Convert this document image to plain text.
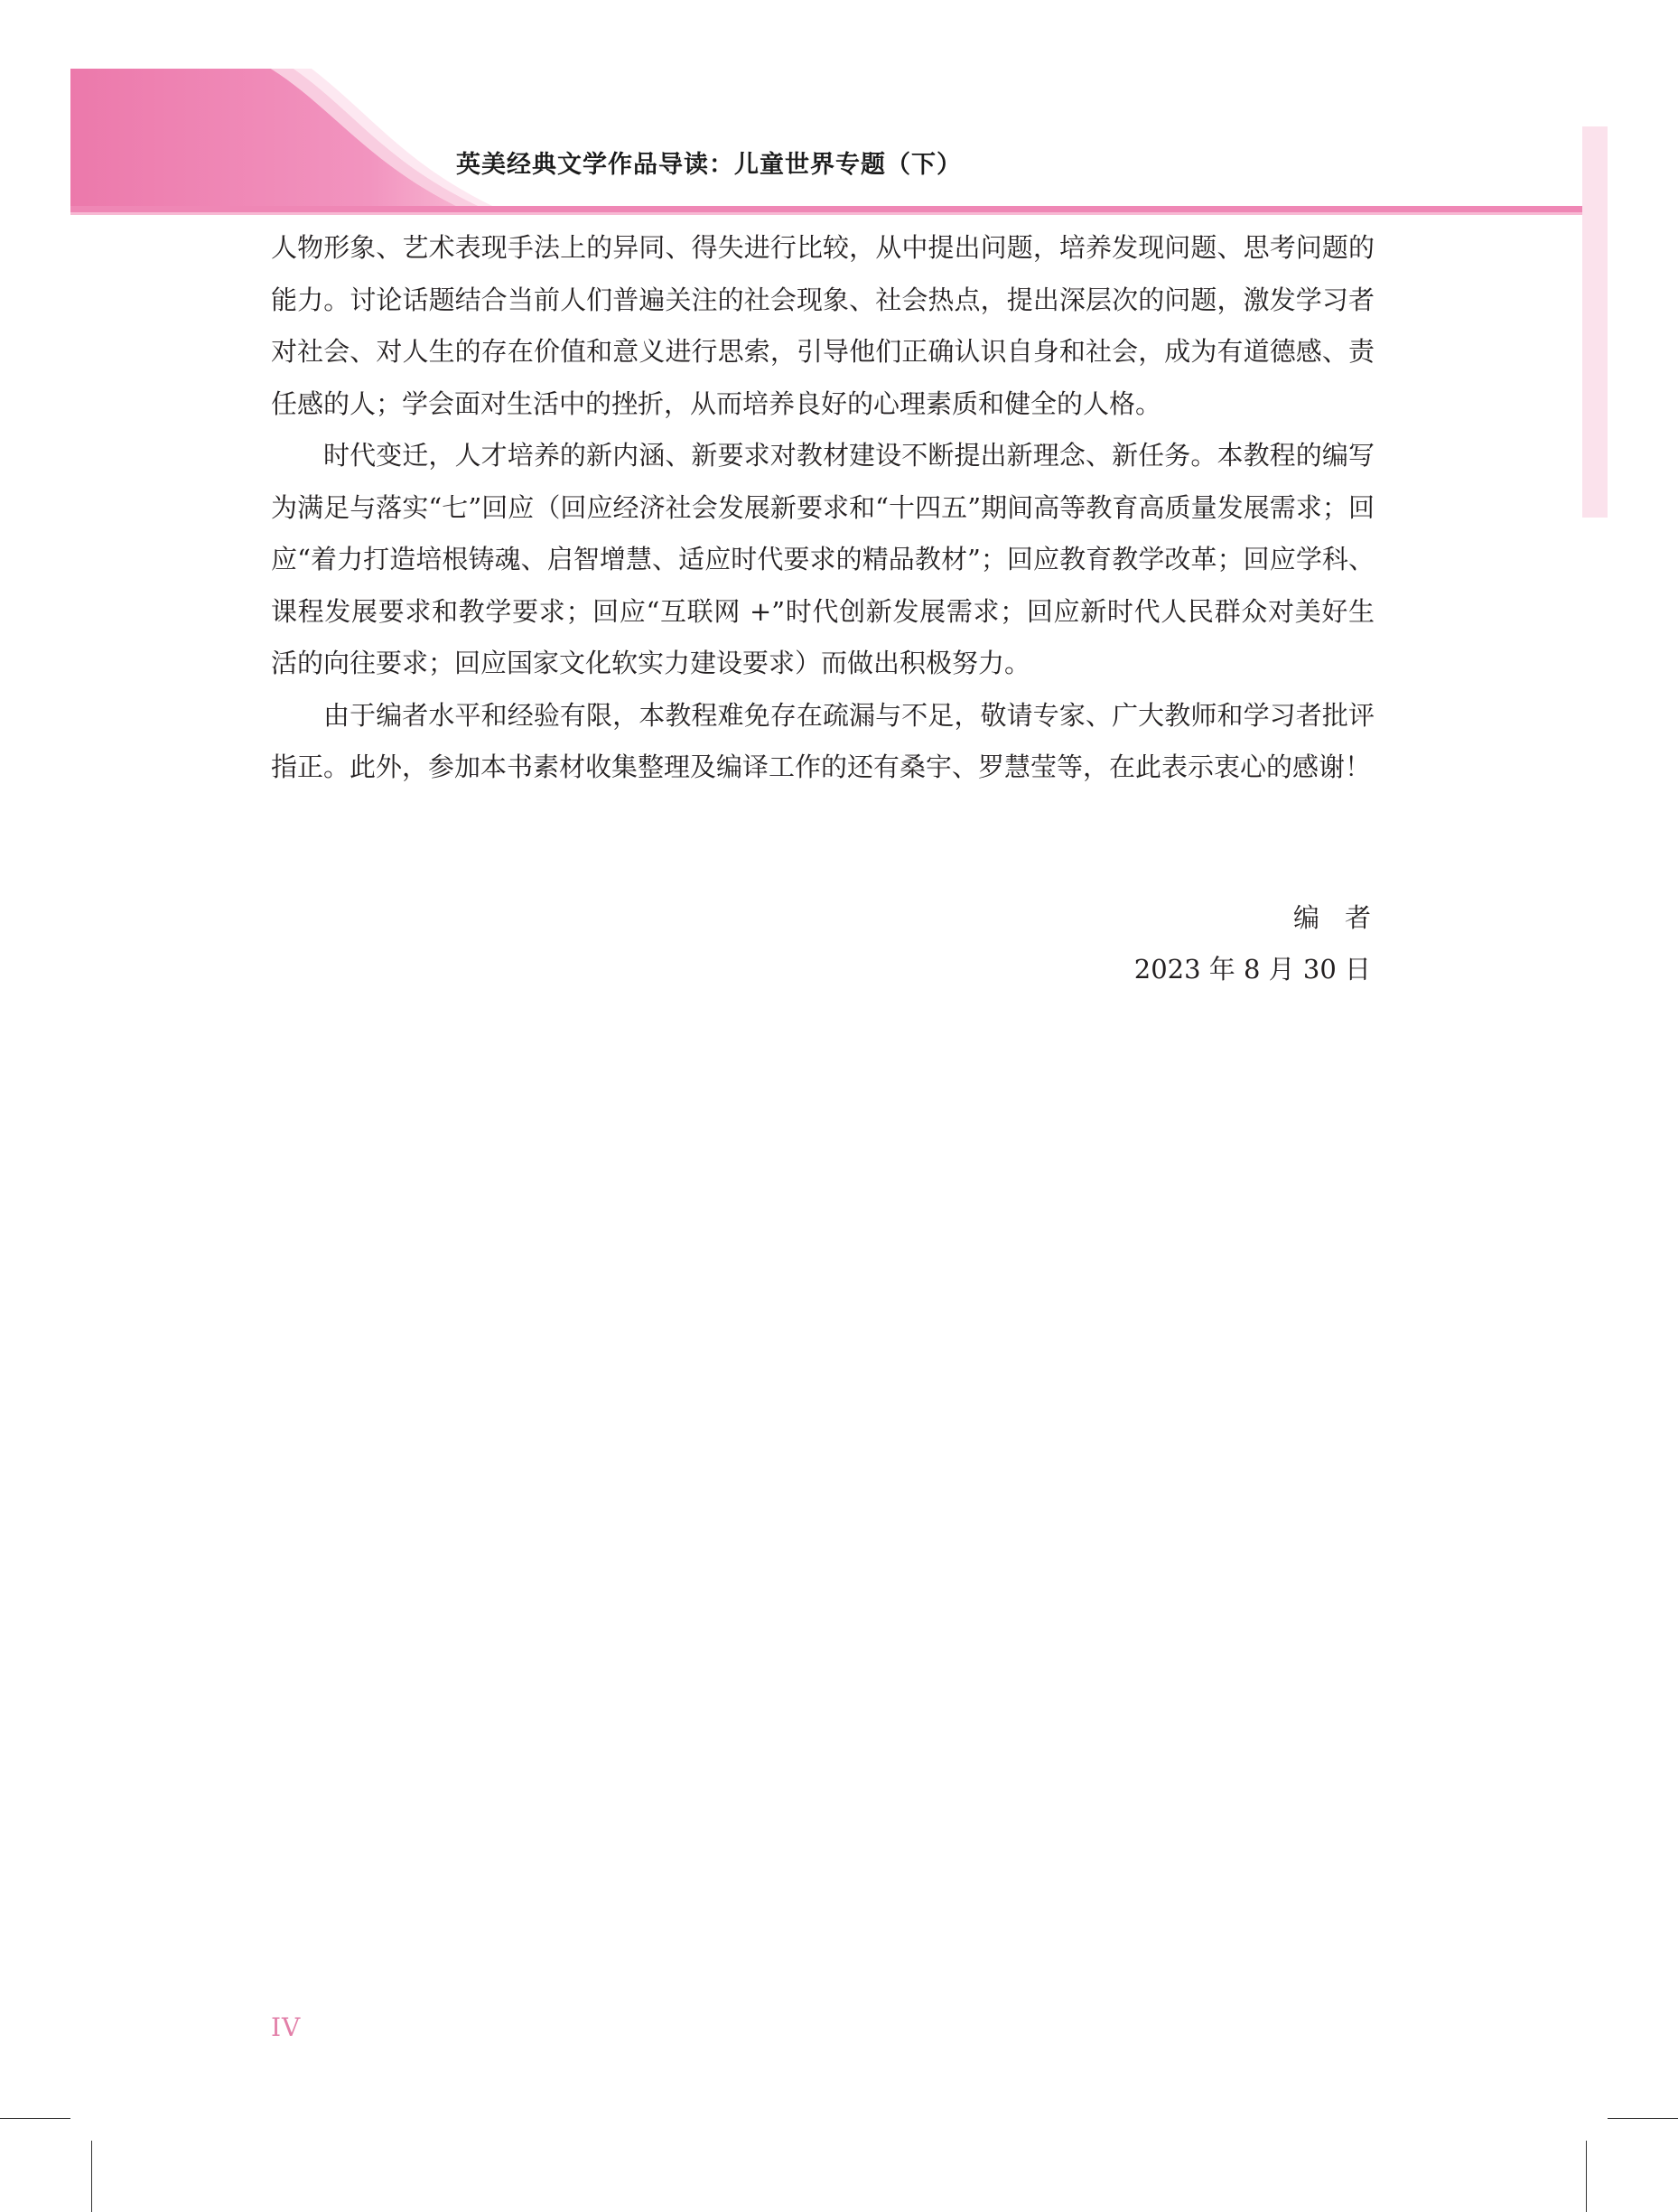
英美经典文学作品导读：儿童世界专题（下）

人物形象、艺术表现手法上的异同、得失进行比较，从中提出问题，培养发现问题、思考问题的能力。讨论话题结合当前人们普遍关注的社会现象、社会热点，提出深层次的问题，激发学习者对社会、对人生的存在价值和意义进行思索，引导他们正确认识自身和社会，成为有道德感、责任感的人；学会面对生活中的挫折，从而培养良好的心理素质和健全的人格。

时代变迁，人才培养的新内涵、新要求对教材建设不断提出新理念、新任务。本教程的编写为满足与落实“七”回应（回应经济社会发展新要求和“十四五”期间高等教育高质量发展需求；回应“着力打造培根铸魂、启智增慧、适应时代要求的精品教材”；回应教育教学改革；回应学科、课程发展要求和教学要求；回应“互联网 +”时代创新发展需求；回应新时代人民群众对美好生活的向往要求；回应国家文化软实力建设要求）而做出积极努力。

由于编者水平和经验有限，本教程难免存在疏漏与不足，敬请专家、广大教师和学习者批评指正。此外，参加本书素材收集整理及编译工作的还有桑宇、罗慧莹等，在此表示衷心的感谢！

编者
2023 年 8 月 30 日
IV
